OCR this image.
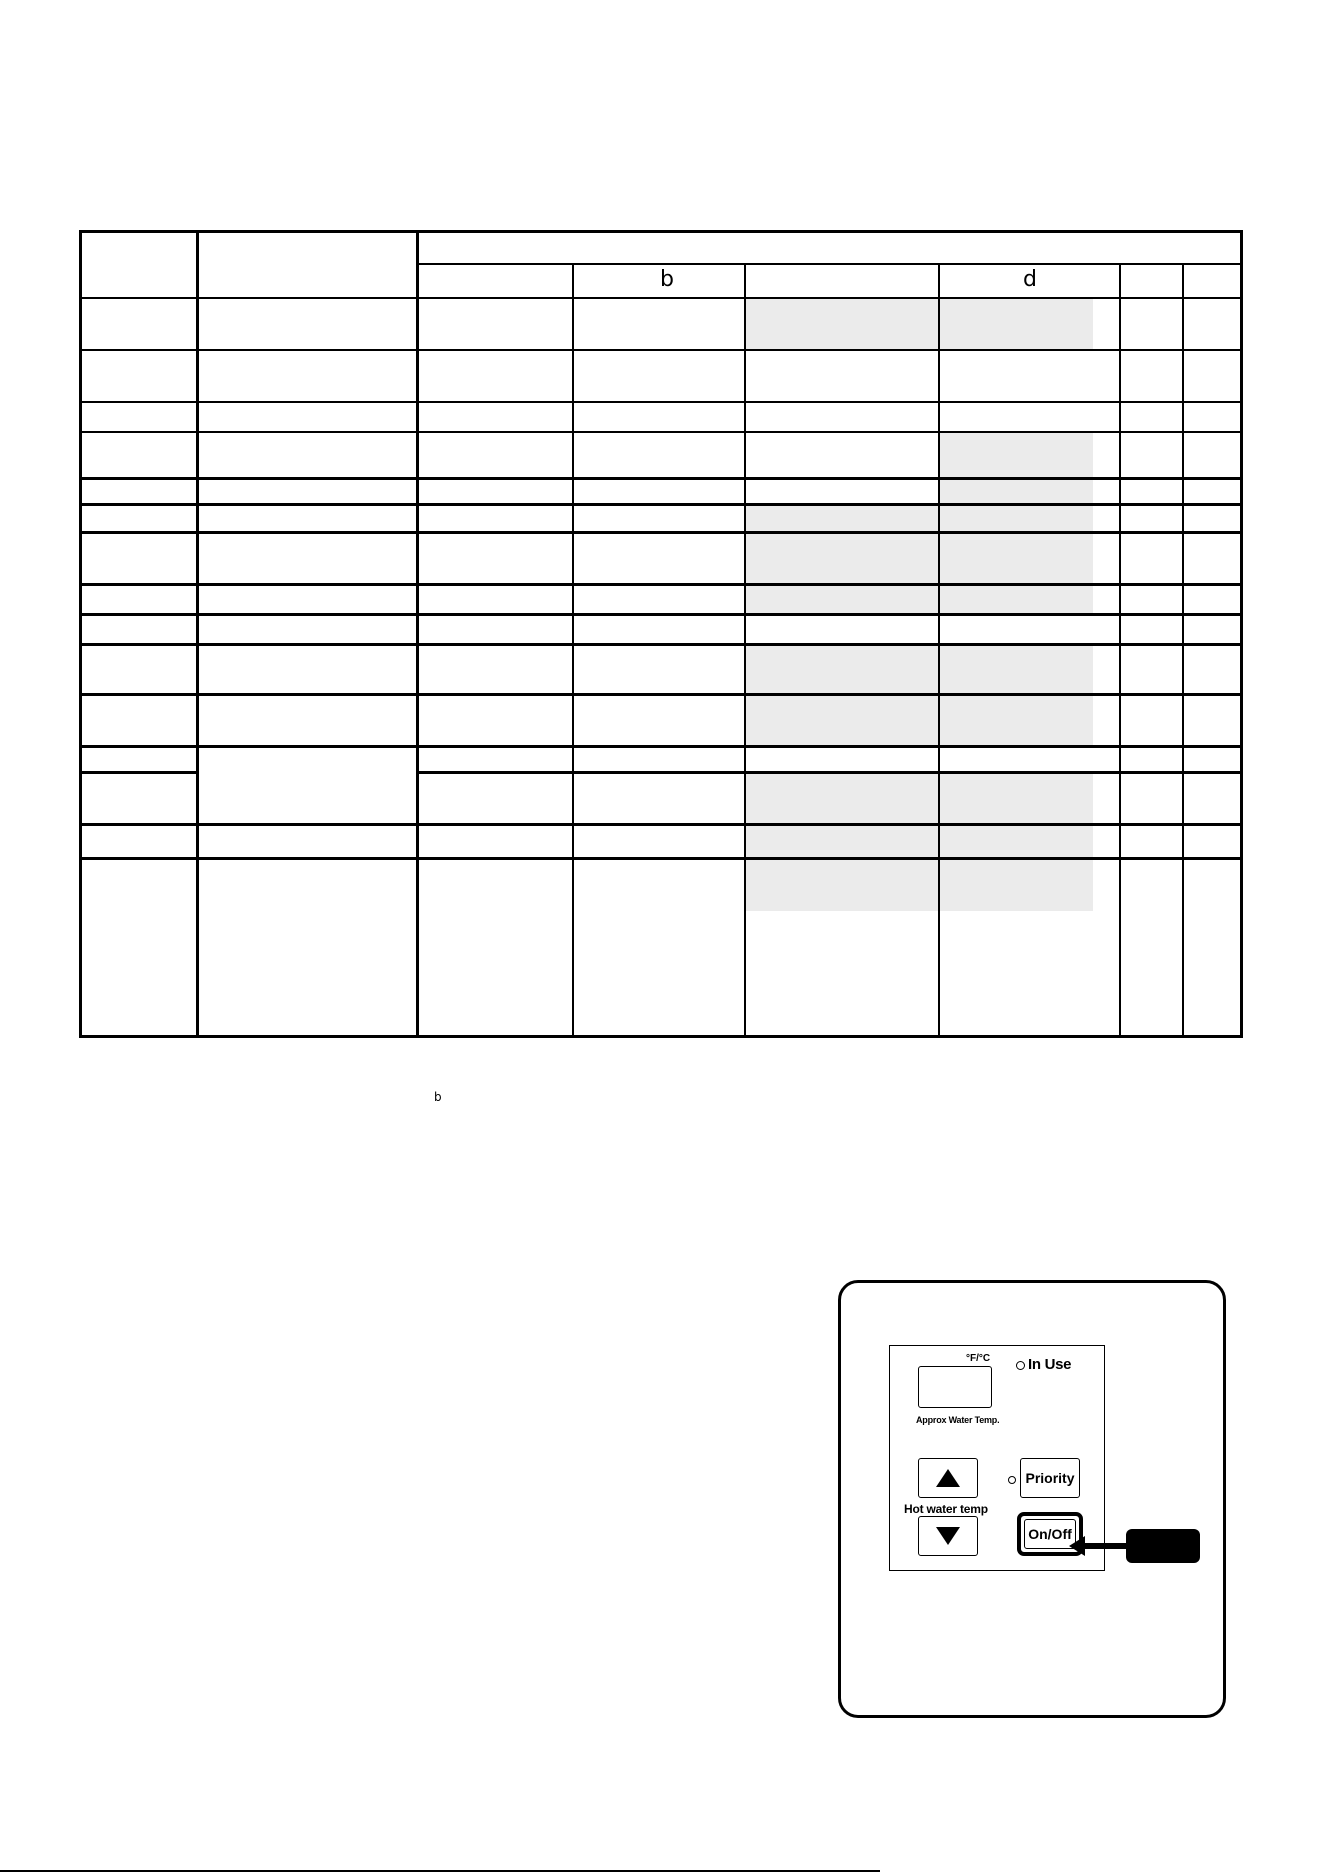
b	d
b
°F/°C	In Use
Approx Water Temp.
Hot water temp
Priority
On/Off
